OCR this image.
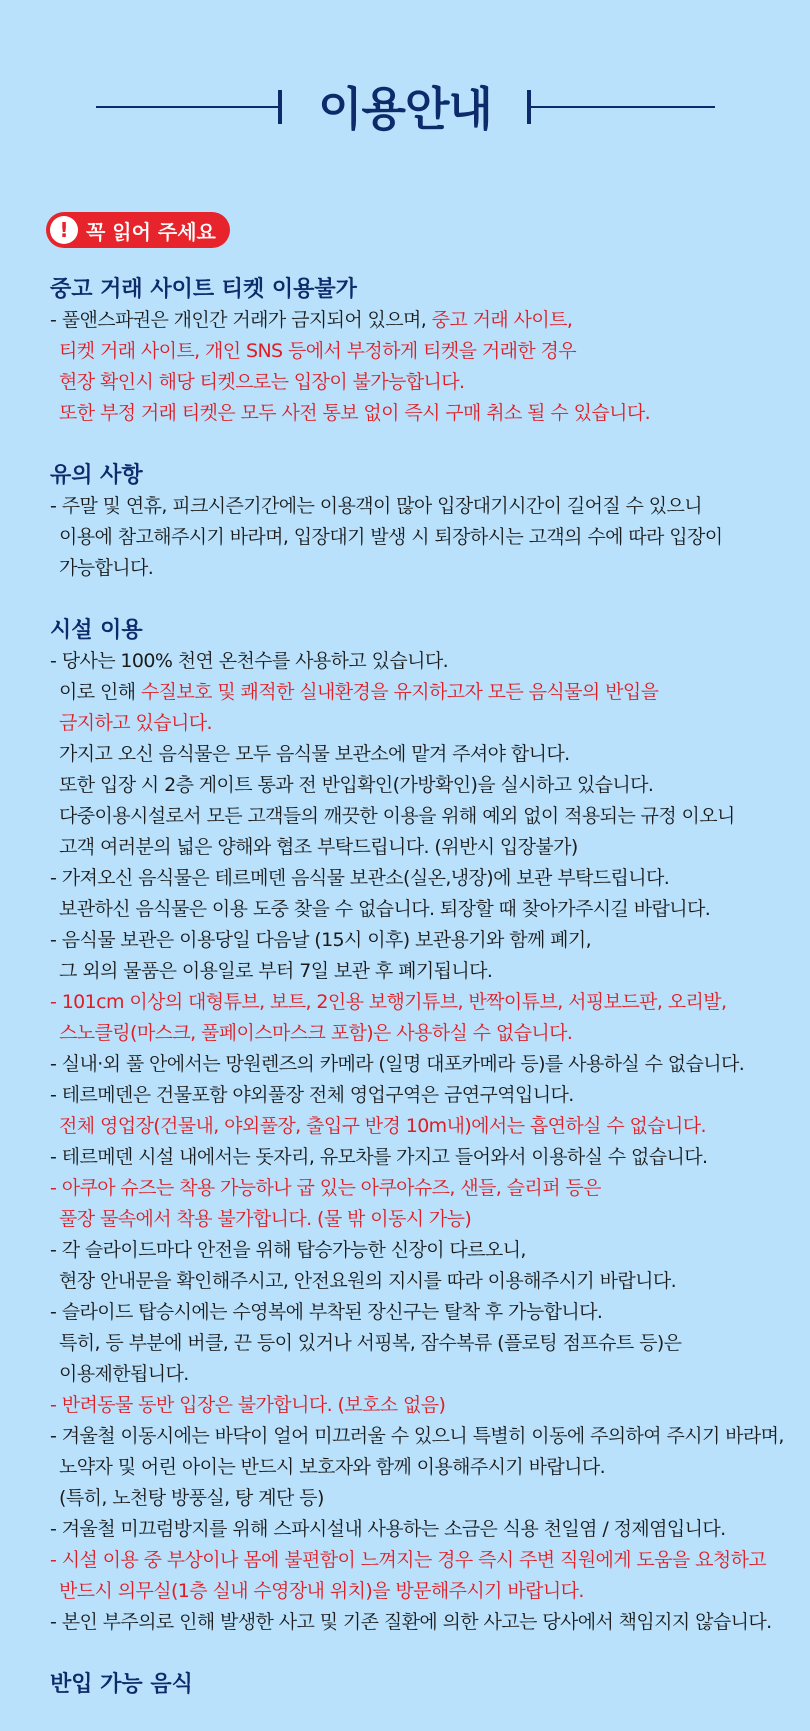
이용안내
! 꼭 읽어 주세요
중고 거래 사이트 티켓 이용불가
- 풀앤스파권은 개인간 거래가 금지되어 있으며, 중고 거래 사이트,
티켓 거래 사이트, 개인 SNS 등에서 부정하게 티켓을 거래한 경우
현장 확인시 해당 티켓으로는 입장이 불가능합니다.
또한 부정 거래 티켓은 모두 사전 통보 없이 즉시 구매 취소 될 수 있습니다.
유의 사항
- 주말 및 연휴, 피크시즌기간에는 이용객이 많아 입장대기시간이 길어질 수 있으니
이용에 참고해주시기 바라며, 입장대기 발생 시 퇴장하시는 고객의 수에 따라 입장이
가능합니다.
시설 이용
- 당사는 100% 천연 온천수를 사용하고 있습니다.
이로 인해 수질보호 및 쾌적한 실내환경을 유지하고자 모든 음식물의 반입을
금지하고 있습니다.
가지고 오신 음식물은 모두 음식물 보관소에 맡겨 주셔야 합니다.
또한 입장 시 2층 게이트 통과 전 반입확인(가방확인)을 실시하고 있습니다.
다중이용시설로서 모든 고객들의 깨끗한 이용을 위해 예외 없이 적용되는 규정 이오니
고객 여러분의 넓은 양해와 협조 부탁드립니다. (위반시 입장불가)
- 가져오신 음식물은 테르메덴 음식물 보관소(실온,냉장)에 보관 부탁드립니다.
보관하신 음식물은 이용 도중 찾을 수 없습니다. 퇴장할 때 찾아가주시길 바랍니다.
- 음식물 보관은 이용당일 다음날 (15시 이후) 보관용기와 함께 폐기,
그 외의 물품은 이용일로 부터 7일 보관 후 폐기됩니다.
- 101cm 이상의 대형튜브, 보트, 2인용 보행기튜브, 반짝이튜브, 서핑보드판, 오리발,
스노클링(마스크, 풀페이스마스크 포함)은 사용하실 수 없습니다.
- 실내·외 풀 안에서는 망원렌즈의 카메라 (일명 대포카메라 등)를 사용하실 수 없습니다.
- 테르메덴은 건물포함 야외풀장 전체 영업구역은 금연구역입니다.
전체 영업장(건물내, 야외풀장, 출입구 반경 10m내)에서는 흡연하실 수 없습니다.
- 테르메덴 시설 내에서는 돗자리, 유모차를 가지고 들어와서 이용하실 수 없습니다.
- 아쿠아 슈즈는 착용 가능하나 굽 있는 아쿠아슈즈, 샌들, 슬리퍼 등은
풀장 물속에서 착용 불가합니다. (물 밖 이동시 가능)
- 각 슬라이드마다 안전을 위해 탑승가능한 신장이 다르오니,
현장 안내문을 확인해주시고, 안전요원의 지시를 따라 이용해주시기 바랍니다.
- 슬라이드 탑승시에는 수영복에 부착된 장신구는 탈착 후 가능합니다.
특히, 등 부분에 버클, 끈 등이 있거나 서핑복, 잠수복류 (플로팅 점프슈트 등)은
이용제한됩니다.
- 반려동물 동반 입장은 불가합니다. (보호소 없음)
- 겨울철 이동시에는 바닥이 얼어 미끄러울 수 있으니 특별히 이동에 주의하여 주시기 바라며,
노약자 및 어린 아이는 반드시 보호자와 함께 이용해주시기 바랍니다.
(특히, 노천탕 방풍실, 탕 계단 등)
- 겨울철 미끄럼방지를 위해 스파시설내 사용하는 소금은 식용 천일염 / 정제염입니다.
- 시설 이용 중 부상이나 몸에 불편함이 느껴지는 경우 즉시 주변 직원에게 도움을 요청하고
반드시 의무실(1층 실내 수영장내 위치)을 방문해주시기 바랍니다.
- 본인 부주의로 인해 발생한 사고 및 기존 질환에 의한 사고는 당사에서 책임지지 않습니다.
반입 가능 음식
